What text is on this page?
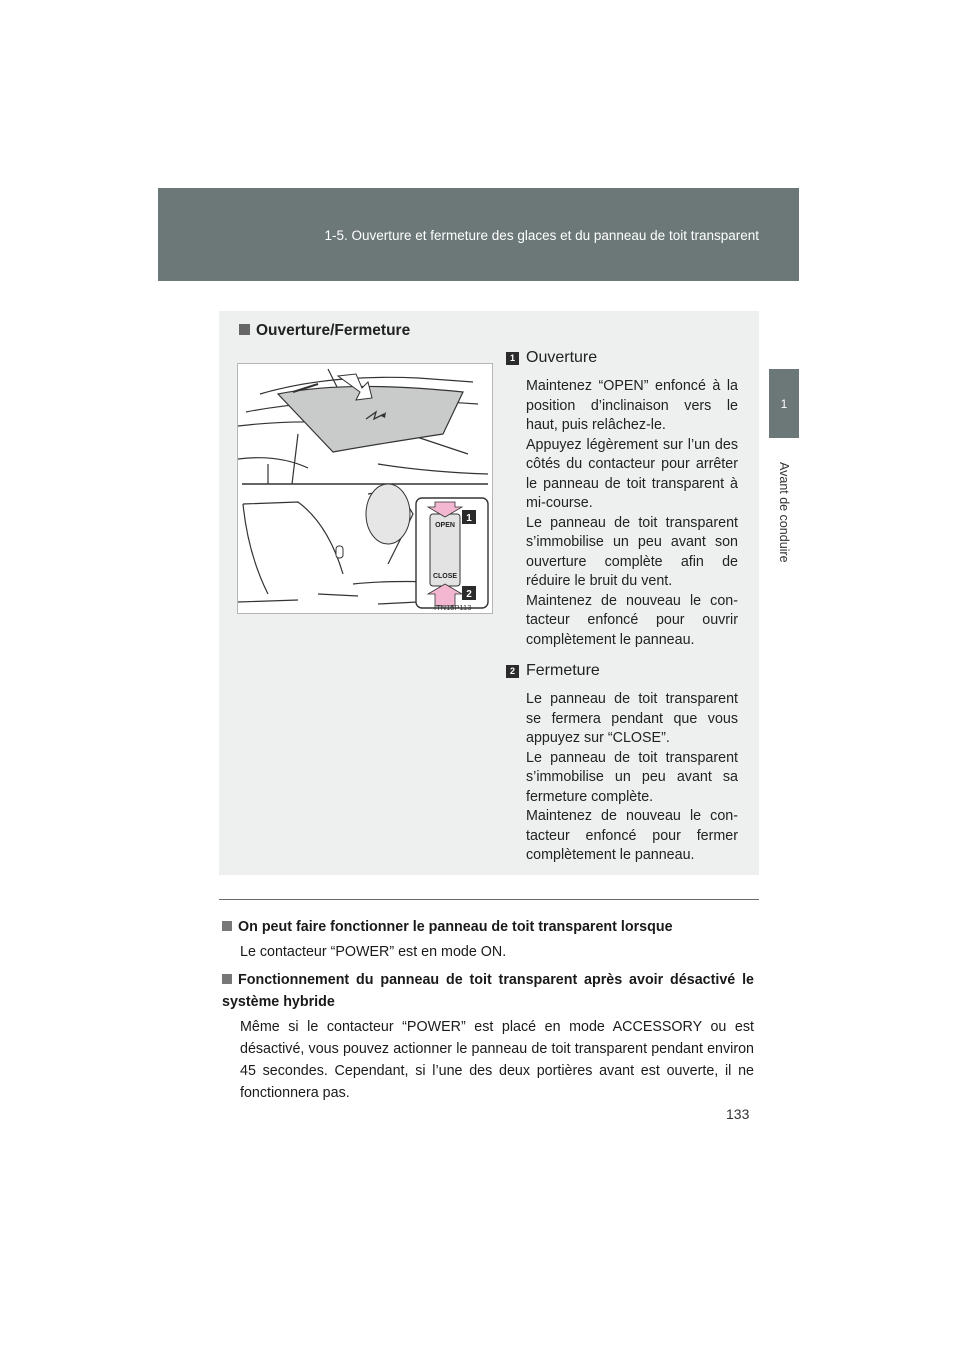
1-5. Ouverture et fermeture des glaces et du panneau de toit transparent
1
Avant de conduire
Ouverture/Fermeture
OPEN
CLOSE
1
2
ITN15P113
1 Ouverture

Maintenez “OPEN” enfoncé à la position d’inclinaison vers le haut, puis relâchez-le.

Appuyez légèrement sur l’un des côtés du contacteur pour arrêter le panneau de toit transparent à mi-course.

Le panneau de toit transparent s’immobilise un peu avant son ouverture complète afin de réduire le bruit du vent.

Maintenez de nouveau le con-tacteur enfoncé pour ouvrir complètement le panneau.

2 Fermeture

Le panneau de toit transparent se fermera pendant que vous appuyez sur “CLOSE”.

Le panneau de toit transparent s’immobilise un peu avant sa fermeture complète.

Maintenez de nouveau le con-tacteur enfoncé pour fermer complètement le panneau.

On peut faire fonctionner le panneau de toit transparent lorsque
Le contacteur “POWER” est en mode ON.
Fonctionnement du panneau de toit transparent après avoir désactivé le système hybride
Même si le contacteur “POWER” est placé en mode ACCESSORY ou est désactivé, vous pouvez actionner le panneau de toit transparent pendant environ 45 secondes. Cependant, si l’une des deux portières avant est ouverte, il ne fonctionnera pas.
133
